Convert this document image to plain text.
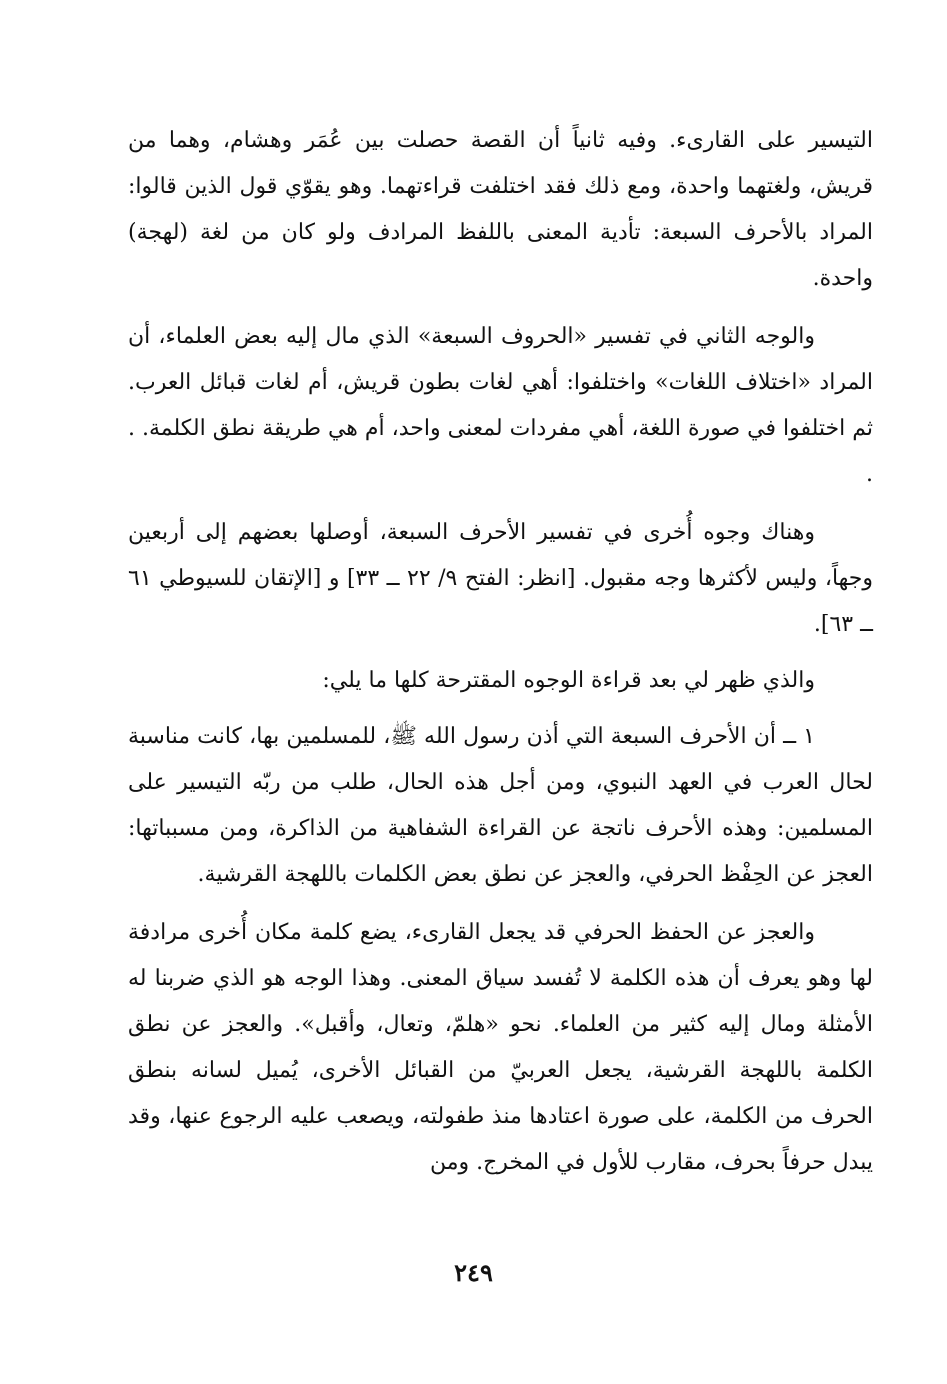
التيسير على القارىء. وفيه ثانياً أن القصة حصلت بين عُمَر وهشام، وهما من قريش، ولغتهما واحدة، ومع ذلك فقد اختلفت قراءتهما. وهو يقوّي قول الذين قالوا: المراد بالأحرف السبعة: تأدية المعنى باللفظ المرادف ولو كان من لغة (لهجة) واحدة.

والوجه الثاني في تفسير «الحروف السبعة» الذي مال إليه بعض العلماء، أن المراد «اختلاف اللغات» واختلفوا: أهي لغات بطون قريش، أم لغات قبائل العرب. ثم اختلفوا في صورة اللغة، أهي مفردات لمعنى واحد، أم هي طريقة نطق الكلمة. . .

وهناك وجوه أُخرى في تفسير الأحرف السبعة، أوصلها بعضهم إلى أربعين وجهاً، وليس لأكثرها وجه مقبول. [انظر: الفتح ٩/ ٢٢ ــ ٣٣] و [الإتقان للسيوطي ٦١ ــ ٦٣].

والذي ظهر لي بعد قراءة الوجوه المقترحة كلها ما يلي:

١ ــ أن الأحرف السبعة التي أذن رسول الله ﷺ، للمسلمين بها، كانت مناسبة لحال العرب في العهد النبوي، ومن أجل هذه الحال، طلب من ربّه التيسير على المسلمين: وهذه الأحرف ناتجة عن القراءة الشفاهية من الذاكرة، ومن مسبباتها: العجز عن الحِفْظ الحرفي، والعجز عن نطق بعض الكلمات باللهجة القرشية.

والعجز عن الحفظ الحرفي قد يجعل القارىء، يضع كلمة مكان أُخرى مرادفة لها وهو يعرف أن هذه الكلمة لا تُفسد سياق المعنى. وهذا الوجه هو الذي ضربنا له الأمثلة ومال إليه كثير من العلماء. نحو «هلمّ، وتعال، وأقبل». والعجز عن نطق الكلمة باللهجة القرشية، يجعل العربيّ من القبائل الأخرى، يُميل لسانه بنطق الحرف من الكلمة، على صورة اعتادها منذ طفولته، ويصعب عليه الرجوع عنها، وقد يبدل حرفاً بحرف، مقارب للأول في المخرج. ومن

٢٤٩
